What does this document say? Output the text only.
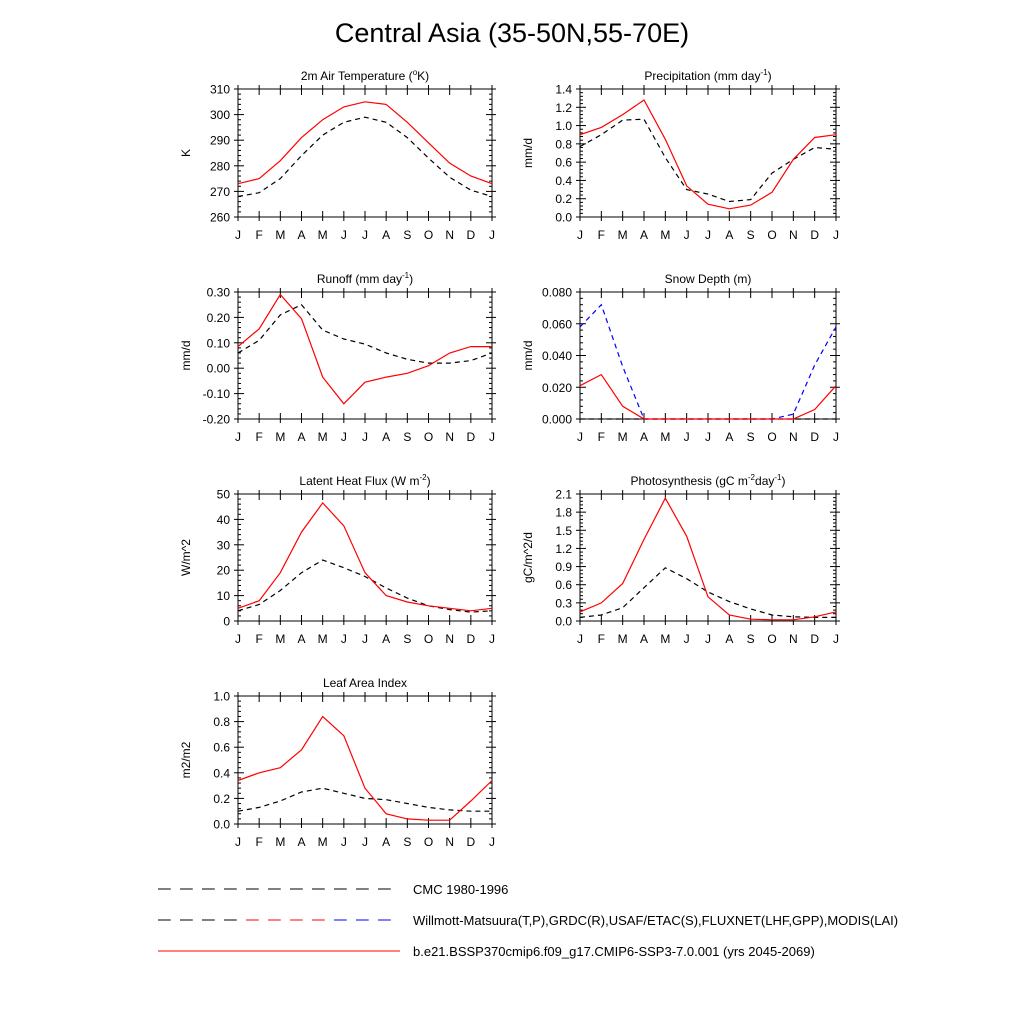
Central Asia (35-50N,55-70E)
2m Air Temperature ($^o$K)
J F M A M J J A S O N D J
260
270
280
290
300
310
K
Precipitation (mm day$^{-1}$)
J F M A M J J A S O N D J
0.0
0.2
0.4
0.6
0.8
1.0
1.2
1.4
mm/d
Runoff (mm day$^{-1}$)
J F M A M J J A S O N D J
-0.20
-0.10
0.00
0.10
0.20
0.30
mm/d
Snow Depth (m)
J F M A M J J A S O N D J
0.000
0.020
0.040
0.060
0.080
mm/d
Latent Heat Flux (W $m^{-2}$)
J F M A M J J A S O N D J
0
10
20
30
40
50
W/m^2
Photosynthesis (gC $m^{-2}day^{-1}$)
J F M A M J J A S O N D J
0.0
0.3
0.6
0.9
1.2
1.5
1.8
2.1
gC/m^2/d
Leaf Area Index
J F M A M J J A S O N D J
0.0
0.2
0.4
0.6
0.8
1.0
m2/m2
CMC 1980-1996
Willmott-Matsuura(T,P),GRDC(R),USAF/ETAC(S),FLUXNET(LHF,GPP),MODIS(LAI)
b.e21.BSSP370cmip6.f09_g17.CMIP6-SSP3-7.0.001 (yrs 2045-2069)
